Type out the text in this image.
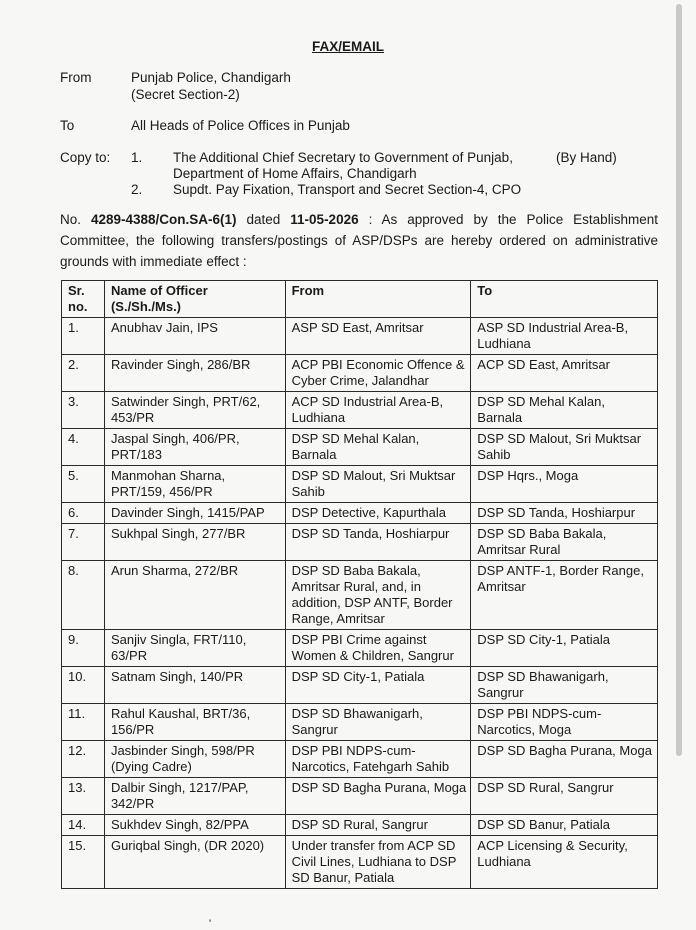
FAX/EMAIL
From	Punjab Police, Chandigarh
(Secret Section-2)
To	All Heads of Police Offices in Punjab
Copy to: 1. The Additional Chief Secretary to Government of Punjab,	(By Hand)
Department of Home Affairs, Chandigarh
2. Supdt. Pay Fixation, Transport and Secret Section-4, CPO
No. 4289-4388/Con.SA-6(1) dated 11-05-2026 : As approved by the Police Establishment Committee, the following transfers/postings of ASP/DSPs are hereby ordered on administrative grounds with immediate effect :
Sr. no.	Name of Officer (S./Sh./Ms.)	From	To
1.	Anubhav Jain, IPS	ASP SD East, Amritsar	ASP SD Industrial Area-B, Ludhiana
2.	Ravinder Singh, 286/BR	ACP PBI Economic Offence & Cyber Crime, Jalandhar	ACP SD East, Amritsar
3.	Satwinder Singh, PRT/62, 453/PR	ACP SD Industrial Area-B, Ludhiana	DSP SD Mehal Kalan, Barnala
4.	Jaspal Singh, 406/PR, PRT/183	DSP SD Mehal Kalan, Barnala	DSP SD Malout, Sri Muktsar Sahib
5.	Manmohan Sharna, PRT/159, 456/PR	DSP SD Malout, Sri Muktsar Sahib	DSP Hqrs., Moga
6.	Davinder Singh, 1415/PAP	DSP Detective, Kapurthala	DSP SD Tanda, Hoshiarpur
7.	Sukhpal Singh, 277/BR	DSP SD Tanda, Hoshiarpur	DSP SD Baba Bakala, Amritsar Rural
8.	Arun Sharma, 272/BR	DSP SD Baba Bakala, Amritsar Rural, and, in addition, DSP ANTF, Border Range, Amritsar	DSP ANTF-1, Border Range, Amritsar
9.	Sanjiv Singla, FRT/110, 63/PR	DSP PBI Crime against Women & Children, Sangrur	DSP SD City-1, Patiala
10.	Satnam Singh, 140/PR	DSP SD City-1, Patiala	DSP SD Bhawanigarh, Sangrur
11.	Rahul Kaushal, BRT/36, 156/PR	DSP SD Bhawanigarh, Sangrur	DSP PBI NDPS-cum-Narcotics, Moga
12.	Jasbinder Singh, 598/PR (Dying Cadre)	DSP PBI NDPS-cum-Narcotics, Fatehgarh Sahib	DSP SD Bagha Purana, Moga
13.	Dalbir Singh, 1217/PAP, 342/PR	DSP SD Bagha Purana, Moga	DSP SD Rural, Sangrur
14.	Sukhdev Singh, 82/PPA	DSP SD Rural, Sangrur	DSP SD Banur, Patiala
15.	Guriqbal Singh, (DR 2020)	Under transfer from ACP SD Civil Lines, Ludhiana to DSP SD Banur, Patiala	ACP Licensing & Security, Ludhiana
'
